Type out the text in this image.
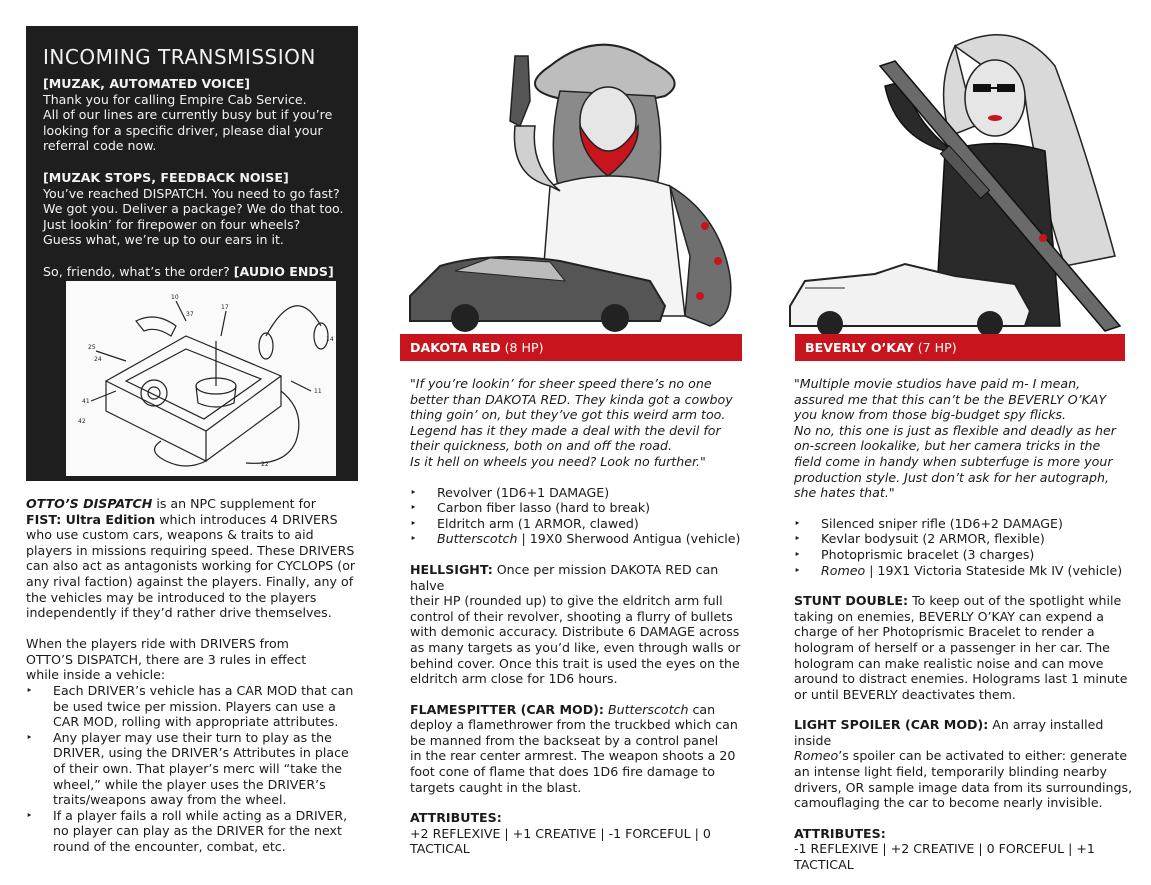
INCOMING TRANSMISSION
[MUZAK, AUTOMATED VOICE]
Thank you for calling Empire Cab Service.
All of our lines are currently busy but if you’re
looking for a specific driver, please dial your
referral code now.
[MUZAK STOPS, FEEDBACK NOISE]
You’ve reached DISPATCH. You need to go fast?
We got you. Deliver a package? We do that too.
Just lookin’ for firepower on four wheels?
Guess what, we’re up to our ears in it.
So, friendo, what’s the order? [AUDIO ENDS]
25
24
41
42
10
17
11
14
22
37
OTTO’S DISPATCH is an NPC supplement for
FIST: Ultra Edition which introduces 4 DRIVERS who use custom cars, weapons & traits to aid players in missions requiring speed. These DRIVERS can also act as antagonists working for CYCLOPS (or any rival faction) against the players. Finally, any of the vehicles may be introduced to the players independently if they’d rather drive themselves.
When the players ride with DRIVERS from
OTTO’S DISPATCH, there are 3 rules in effect
while inside a vehicle:
‣ Each DRIVER’s vehicle has a CAR MOD that can be used twice per mission. Players can use a CAR MOD, rolling with appropriate attributes.
‣ Any player may use their turn to play as the DRIVER, using the DRIVER’s Attributes in place of their own. That player’s merc will “take the wheel,” while the player uses the DRIVER’s traits/weapons away from the wheel.
‣ If a player fails a roll while acting as a DRIVER, no player can play as the DRIVER for the next round of the encounter, combat, etc.
DAKOTA RED (8 HP)
"If you’re lookin’ for sheer speed there’s no one
better than DAKOTA RED. They kinda got a cowboy
thing goin’ on, but they’ve got this weird arm too.
Legend has it they made a deal with the devil for
their quickness, both on and off the road.
Is it hell on wheels you need? Look no further."
‣ Revolver (1D6+1 DAMAGE)
‣ Carbon fiber lasso (hard to break)
‣ Eldritch arm (1 ARMOR, clawed)
‣ Butterscotch | 19X0 Sherwood Antigua (vehicle)
HELLSIGHT: Once per mission DAKOTA RED can halve
their HP (rounded up) to give the eldritch arm full
control of their revolver, shooting a flurry of bullets
with demonic accuracy. Distribute 6 DAMAGE across
as many targets as you’d like, even through walls or
behind cover. Once this trait is used the eyes on the
eldritch arm close for 1D6 hours.
FLAMESPITTER (CAR MOD): Butterscotch can
deploy a flamethrower from the truckbed which can
be manned from the backseat by a control panel
in the rear center armrest. The weapon shoots a 20
foot cone of flame that does 1D6 fire damage to
targets caught in the blast.
ATTRIBUTES:
+2 REFLEXIVE | +1 CREATIVE | -1 FORCEFUL | 0 TACTICAL
BEVERLY O’KAY (7 HP)
"Multiple movie studios have paid m- I mean,
assured me that this can’t be the BEVERLY O’KAY
you know from those big-budget spy flicks.
No no, this one is just as flexible and deadly as her
on-screen lookalike, but her camera tricks in the
field come in handy when subterfuge is more your
production style. Just don’t ask for her autograph,
she hates that."
‣ Silenced sniper rifle (1D6+2 DAMAGE)
‣ Kevlar bodysuit (2 ARMOR, flexible)
‣ Photoprismic bracelet (3 charges)
‣ Romeo | 19X1 Victoria Stateside Mk IV (vehicle)
STUNT DOUBLE: To keep out of the spotlight while
taking on enemies, BEVERLY O’KAY can expend a
charge of her Photoprismic Bracelet to render a
hologram of herself or a passenger in her car. The
hologram can make realistic noise and can move
around to distract enemies. Holograms last 1 minute
or until BEVERLY deactivates them.
LIGHT SPOILER (CAR MOD): An array installed inside
Romeo’s spoiler can be activated to either: generate
an intense light field, temporarily blinding nearby
drivers, OR sample image data from its surroundings,
camouflaging the car to become nearly invisible.
ATTRIBUTES:
-1 REFLEXIVE | +2 CREATIVE | 0 FORCEFUL | +1 TACTICAL
